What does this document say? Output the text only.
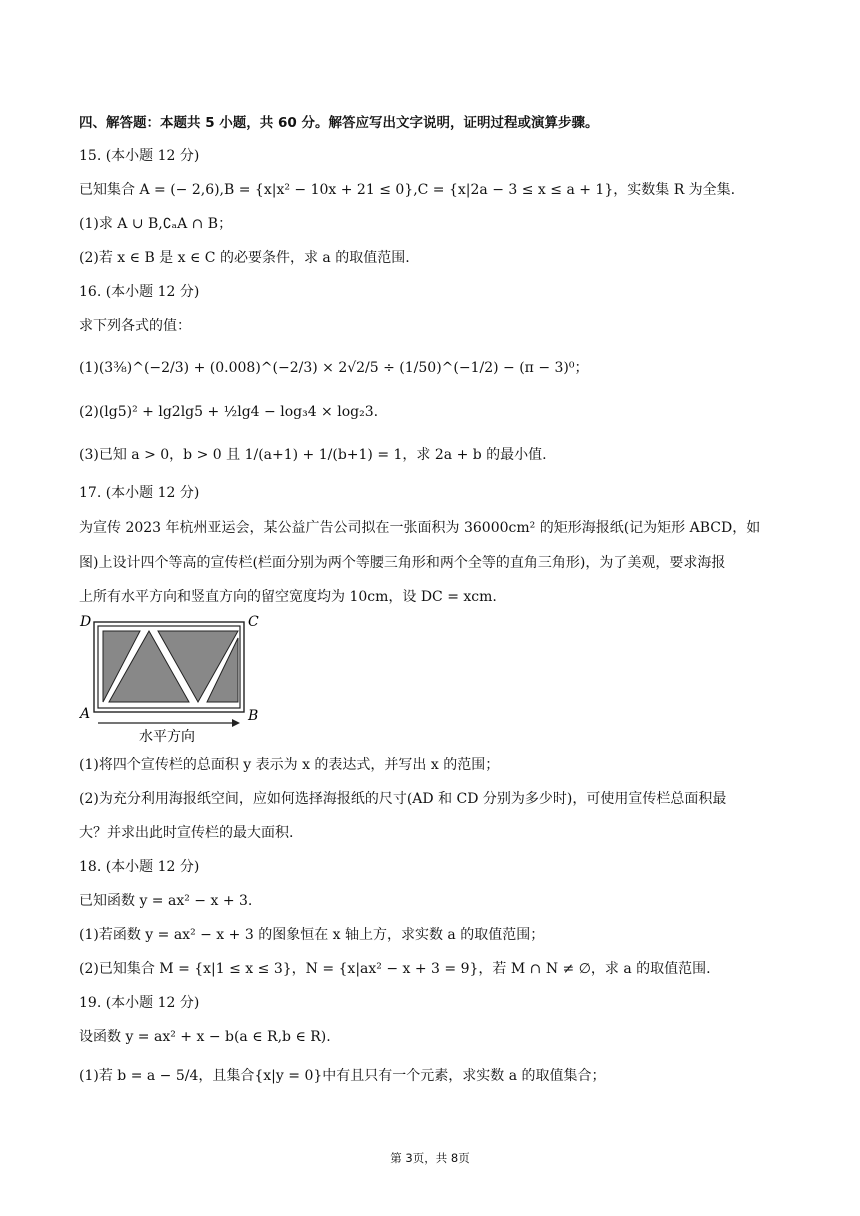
四、解答题：本题共 5 小题，共 60 分。解答应写出文字说明，证明过程或演算步骤。
15. (本小题 12 分)
已知集合 A = (− 2,6),B = {x|x² − 10x + 21 ≤ 0},C = {x|2a − 3 ≤ x ≤ a + 1}，实数集 R 为全集.
(1)求 A ∪ B,∁ₐA ∩ B；
(2)若 x ∈ B 是 x ∈ C 的必要条件，求 a 的取值范围.
16. (本小题 12 分)
求下列各式的值：
(1)(3³⁄₈)^(−2/3) + (0.008)^(−2/3) × 2√2/5 ÷ (1/50)^(−1/2) − (π − 3)⁰；
(2)(lg5)² + lg2lg5 + ½lg4 − log₃4 × log₂3.
(3)已知 a > 0，b > 0 且 1/(a+1) + 1/(b+1) = 1，求 2a + b 的最小值.
17. (本小题 12 分)
为宣传 2023 年杭州亚运会，某公益广告公司拟在一张面积为 36000cm² 的矩形海报纸(记为矩形 ABCD，如
图)上设计四个等高的宣传栏(栏面分别为两个等腰三角形和两个全等的直角三角形)，为了美观，要求海报
上所有水平方向和竖直方向的留空宽度均为 10cm，设 DC = xcm.
D	C
A	B
水平方向
(1)将四个宣传栏的总面积 y 表示为 x 的表达式，并写出 x 的范围；
(2)为充分利用海报纸空间，应如何选择海报纸的尺寸(AD 和 CD 分别为多少时)，可使用宣传栏总面积最
大？并求出此时宣传栏的最大面积.
18. (本小题 12 分)
已知函数 y = ax² − x + 3.
(1)若函数 y = ax² − x + 3 的图象恒在 x 轴上方，求实数 a 的取值范围；
(2)已知集合 M = {x|1 ≤ x ≤ 3}，N = {x|ax² − x + 3 = 9}，若 M ∩ N ≠ ∅，求 a 的取值范围.
19. (本小题 12 分)
设函数 y = ax² + x − b(a ∈ R,b ∈ R).
(1)若 b = a − 5/4，且集合{x|y = 0}中有且只有一个元素，求实数 a 的取值集合；
第 3页，共 8页
